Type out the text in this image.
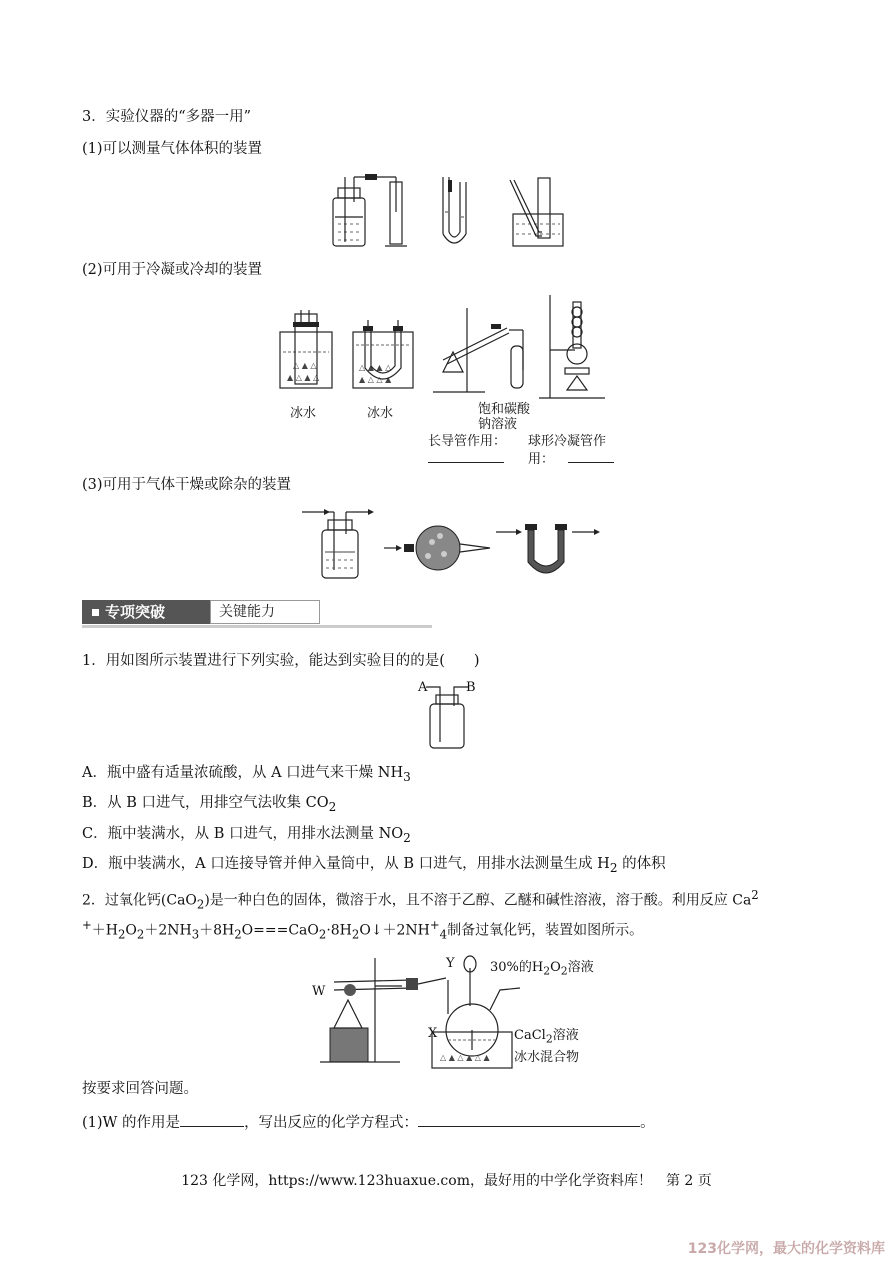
3．实验仪器的“多器一用”
(1)可以测量气体体积的装置
(2)可用于冷凝或冷却的装置
△ ▲ △
▲ △ ▲ △
△ ▲ ▲ △
▲ △ △ ▲
冰水	冰水	饱和碳酸
钠溶液
长导管作用： 球形冷凝管作
用：
(3)可用于气体干燥或除杂的装置
专项突破	关键能力
1．用如图所示装置进行下列实验，能达到实验目的的是(　　)
A	B
A．瓶中盛有适量浓硫酸，从 A 口进气来干燥 $NH_3$
B．从 B 口进气，用排空气法收集 $CO_2$
C．瓶中装满水，从 B 口进气，用排水法测量 $NO_2$
D．瓶中装满水，A 口连接导管并伸入量筒中，从 B 口进气，用排水法测量生成 $H_2$ 的体积
2．过氧化钙(CaO$_2$)是一种白色的固体，微溶于水，且不溶于乙醇、乙醚和碱性溶液，溶于酸。利用反应 Ca$^2$
$^++H_2O_2+2NH_3+8H_2O===CaO_2\cdot 8H_2O↓+2NH^+_4$制备过氧化钙，装置如图所示。
△ ▲ △ ▲ △ ▲
W
X
Y	30%的$H_2O_2$溶液
CaCl$_2$溶液
冰水混合物
按要求回答问题。
(1)W 的作用是	，写出反应的化学方程式：	。
123 化学网，https://www.123huaxue.com，最好用的中学化学资料库！　第 2 页
123化学网，最大的化学资料库
